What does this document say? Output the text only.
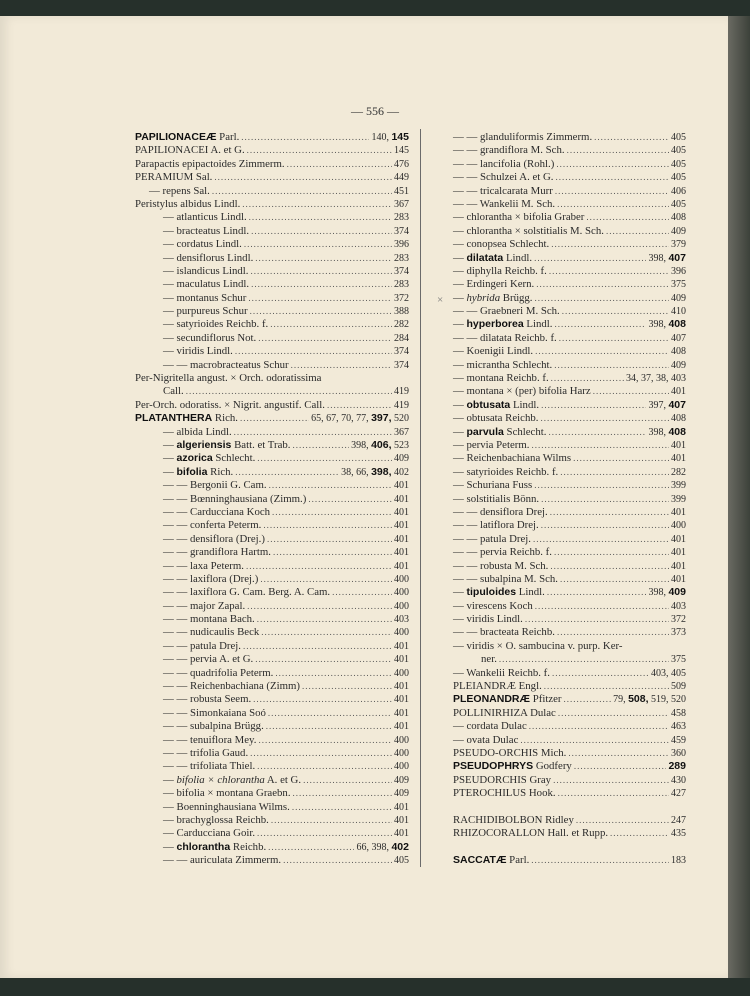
— 556 —
PAPILIONACEÆ Parl. .....	140, 145
PAPILIONACEI A. et G. .....	145
Parapactis epipactoides Zimmerm. .....	476
PERAMIUM Sal. .....	449
— repens Sal. .....	451
Peristylus albidus Lindl. .....	367
— atlanticus Lindl. .....	283
— bracteatus Lindl. .....	374
— cordatus Lindl. .....	396
— densiflorus Lindl. .....	283
— islandicus Lindl. .....	374
— maculatus Lindl. .....	283
— montanus Schur .....	372
— purpureus Schur .....	388
— satyrioides Reichb. f. .....	282
— secundiflorus Not. .....	284
— viridis Lindl. .....	374
— — macrobracteatus Schur .....	374
Per-Nigritella angust. × Orch. odoratissima
Call. .....	419
Per-Orch. odoratiss. × Nigrit. angustif. Call. .....	419
PLATANTHERA Rich. .....	65, 67, 70, 77, 397, 520
— albida Lindl. .....	367
— algeriensis Batt. et Trab. .....	398, 406, 523
— azorica Schlecht. .....	409
— bifolia Rich. .....	38, 66, 398, 402
— — Bergonii G. Cam. .....	401
— — Bœnninghausiana (Zimm.) .....	401
— — Carducciana Koch .....	401
— — conferta Peterm. .....	401
— — densiflora (Drej.) .....	401
— — grandiflora Hartm. .....	401
— — laxa Peterm. .....	401
— — laxiflora (Drej.) .....	400
— — laxiflora G. Cam. Berg. A. Cam. .....	400
— — major Zapal. .....	400
— — montana Bach. .....	403
— — nudicaulis Beck .....	400
— — patula Drej. .....	401
— — pervia A. et G. .....	401
— — quadrifolia Peterm. .....	400
— — Reichenbachiana (Zimm) .....	401
— — robusta Seem. .....	401
— — Simonkaiana Soó .....	401
— — subalpina Brügg. .....	401
— — tenuiflora Mey. .....	400
— — trifolia Gaud. .....	400
— — trifoliata Thiel. .....	400
— bifolia × chlorantha A. et G. .....	409
— bifolia × montana Graebn. .....	409
— Boenninghausiana Wilms. .....	401
— brachyglossa Reichb. .....	401
— Carducciana Goir. .....	401
— chlorantha Reichb. .....	66, 398, 402
— — auriculata Zimmerm. .....	405
×
— — glanduliformis Zimmerm. .....	405
— — grandiflora M. Sch. .....	405
— — lancifolia (Rohl.) .....	405
— — Schulzei A. et G. .....	405
— — tricalcarata Murr .....	406
— — Wankelii M. Sch. .....	405
— chlorantha × bifolia Graber .....	408
— chlorantha × solstitialis M. Sch. .....	409
— conopsea Schlecht. .....	379
— dilatata Lindl. .....	398, 407
— diphylla Reichb. f. .....	396
— Erdingeri Kern. .....	375
— hybrida Brügg. .....	409
— — Graebneri M. Sch. .....	410
— hyperborea Lindl. .....	398, 408
— — dilatata Reichb. f. .....	407
— Koenigii Lindl. .....	408
— micrantha Schlecht. .....	409
— montana Reichb. f. .....	34, 37, 38, 403
— montana × (per) bifolia Harz .....	401
— obtusata Lindl. .....	397, 407
— obtusata Reichb. .....	408
— parvula Schlecht. .....	398, 408
— pervia Peterm. .....	401
— Reichenbachiana Wilms .....	401
— satyrioides Reichb. f. .....	282
— Schuriana Fuss .....	399
— solstitialis Bönn. .....	399
— — densiflora Drej. .....	401
— — latiflora Drej. .....	400
— — patula Drej. .....	401
— — pervia Reichb. f. .....	401
— — robusta M. Sch. .....	401
— — subalpina M. Sch. .....	401
— tipuloides Lindl. .....	398, 409
— virescens Koch .....	403
— viridis Lindl. .....	372
— — bracteata Reichb. .....	373
— viridis × O. sambucina v. purp. Ker-
ner. .....	375
— Wankelii Reichb. f. .....	403, 405
PLEIANDRÆ Engl. .....	509
PLEONANDRÆ Pfitzer .....	79, 508, 519, 520
POLLINIRHIZA Dulac .....	458
— cordata Dulac .....	463
— ovata Dulac .....	459
PSEUDO-ORCHIS Mich. .....	360
PSEUDOPHRYS Godfery .....	289
PSEUDORCHIS Gray .....	430
PTEROCHILUS Hook. .....	427
RACHIDIBOLBON Ridley .....	247
RHIZOCORALLON Hall. et Rupp. .....	435
SACCATÆ Parl. .....	183
